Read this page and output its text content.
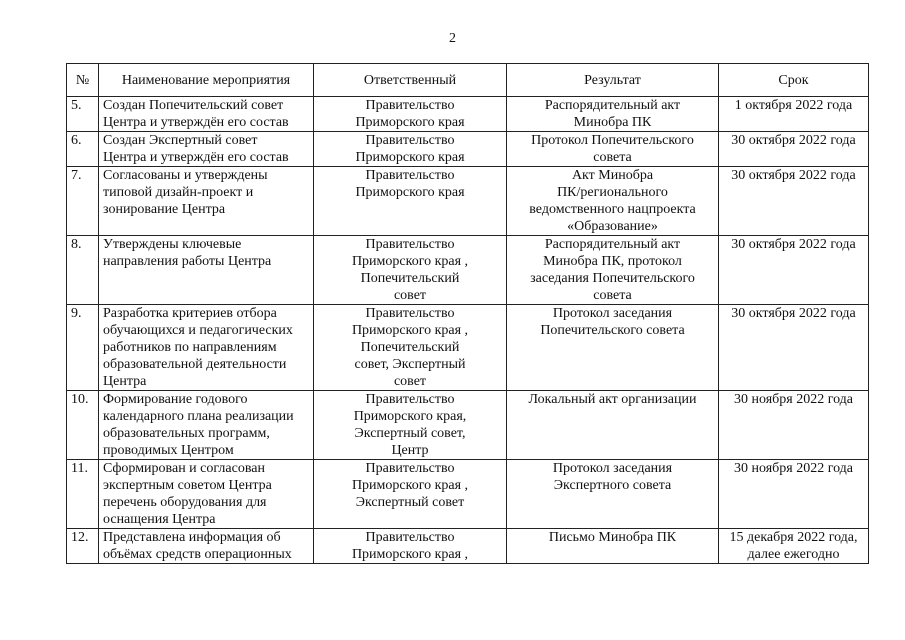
2
№	Наименование мероприятия	Ответственный	Результат	Срок
5.	Создан Попечительский совет
Центра и утверждён его состав	Правительство
Приморского края	Распорядительный акт
Минобра ПК	1 октября 2022 года

6.	Создан Экспертный совет
Центра и утверждён его состав	Правительство
Приморского края	Протокол Попечительского
совета	30 октября 2022 года

7.	Согласованы и утверждены
типовой дизайн-проект и
зонирование Центра	Правительство
Приморского края	Акт Минобра
ПК/регионального
ведомственного нацпроекта
«Образование»	30 октября 2022 года

8.	Утверждены ключевые
направления работы Центра	Правительство
Приморского края ,
Попечительский
совет	Распорядительный акт
Минобра ПК, протокол
заседания Попечительского
совета	30 октября 2022 года

9.	Разработка критериев отбора
обучающихся и педагогических
работников по направлениям
образовательной деятельности
Центра	Правительство
Приморского края ,
Попечительский
совет, Экспертный
совет	Протокол заседания
Попечительского совета	30 октября 2022 года

10.	Формирование годового
календарного плана реализации
образовательных программ,
проводимых Центром	Правительство
Приморского края,
Экспертный совет,
Центр	Локальный акт организации	30 ноября 2022 года

11.	Сформирован и согласован
экспертным советом Центра
перечень оборудования для
оснащения Центра	Правительство
Приморского края ,
Экспертный совет	Протокол заседания
Экспертного совета	30 ноября 2022 года

12.	Представлена информация об
объёмах средств операционных	Правительство
Приморского края ,	Письмо Минобра ПК	15 декабря 2022 года,
далее ежегодно
